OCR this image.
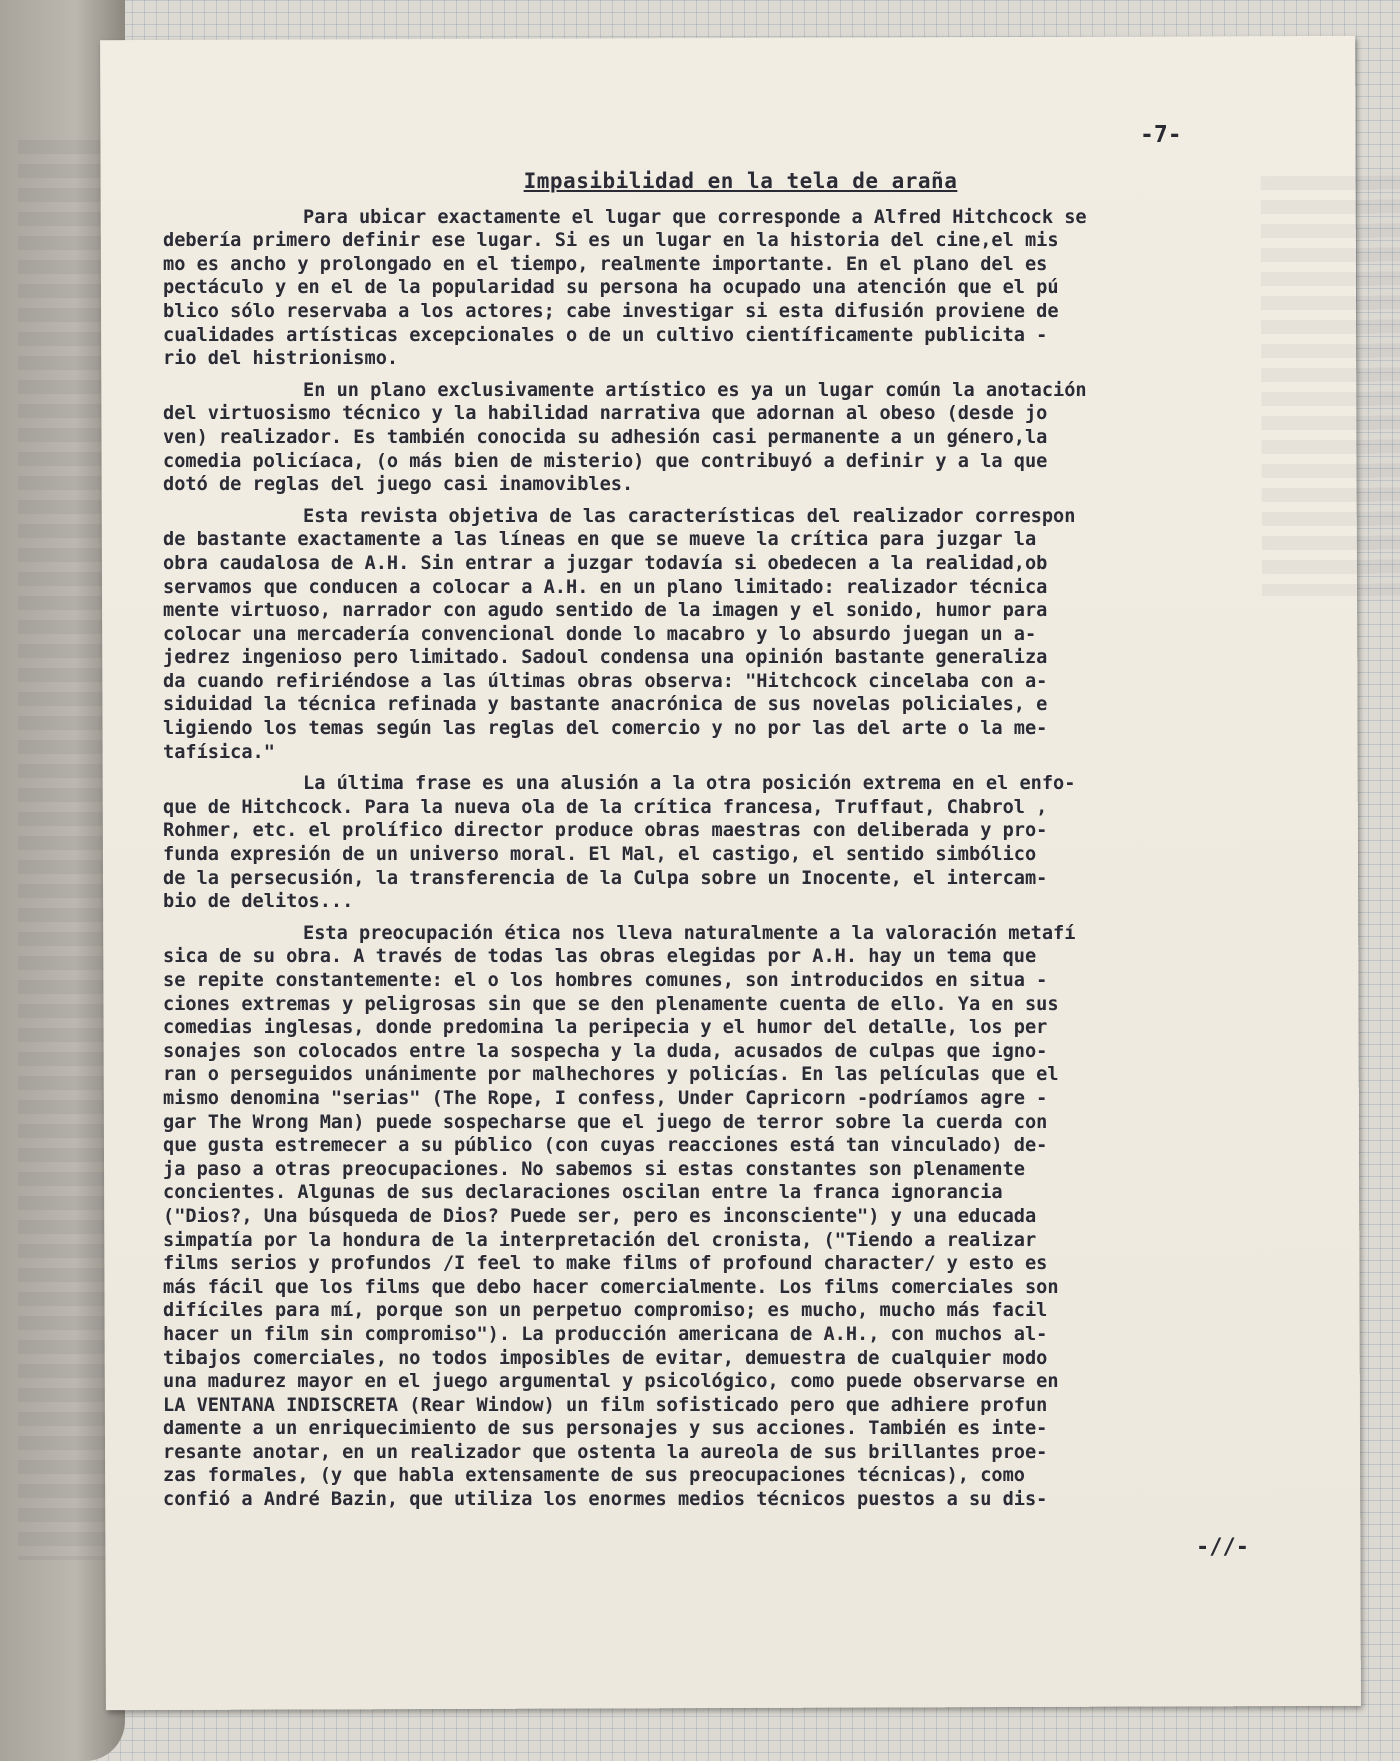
-7-
Impasibilidad en la tela de araña
Para ubicar exactamente el lugar que corresponde a Alfred Hitchcock se
debería primero definir ese lugar. Si es un lugar en la historia del cine,el mis
mo es ancho y prolongado en el tiempo, realmente importante. En el plano del es
pectáculo y en el de la popularidad su persona ha ocupado una atención que el pú
blico sólo reservaba a los actores; cabe investigar si esta difusión proviene de
cualidades artísticas excepcionales o de un cultivo científicamente publicita -
rio del histrionismo.
En un plano exclusivamente artístico es ya un lugar común la anotación
del virtuosismo técnico y la habilidad narrativa que adornan al obeso (desde jo
ven) realizador. Es también conocida su adhesión casi permanente a un género,la
comedia policíaca, (o más bien de misterio) que contribuyó a definir y a la que
dotó de reglas del juego casi inamovibles.
Esta revista objetiva de las características del realizador correspon
de bastante exactamente a las líneas en que se mueve la crítica para juzgar la
obra caudalosa de A.H. Sin entrar a juzgar todavía si obedecen a la realidad,ob
servamos que conducen a colocar a A.H. en un plano limitado: realizador técnica
mente virtuoso, narrador con agudo sentido de la imagen y el sonido, humor para
colocar una mercadería convencional donde lo macabro y lo absurdo juegan un a-
jedrez ingenioso pero limitado. Sadoul condensa una opinión bastante generaliza
da cuando refiriéndose a las últimas obras observa: "Hitchcock cincelaba con a-
siduidad la técnica refinada y bastante anacrónica de sus novelas policiales, e
ligiendo los temas según las reglas del comercio y no por las del arte o la me-
tafísica."
La última frase es una alusión a la otra posición extrema en el enfo-
que de Hitchcock. Para la nueva ola de la crítica francesa, Truffaut, Chabrol ,
Rohmer, etc. el prolífico director produce obras maestras con deliberada y pro-
funda expresión de un universo moral. El Mal, el castigo, el sentido simbólico
de la persecusión, la transferencia de la Culpa sobre un Inocente, el intercam-
bio de delitos...
Esta preocupación ética nos lleva naturalmente a la valoración metafí
sica de su obra. A través de todas las obras elegidas por A.H. hay un tema que
se repite constantemente: el o los hombres comunes, son introducidos en situa -
ciones extremas y peligrosas sin que se den plenamente cuenta de ello. Ya en sus
comedias inglesas, donde predomina la peripecia y el humor del detalle, los per
sonajes son colocados entre la sospecha y la duda, acusados de culpas que igno-
ran o perseguidos unánimente por malhechores y policías. En las películas que el
mismo denomina "serias" (The Rope, I confess, Under Capricorn -podríamos agre -
gar The Wrong Man) puede sospecharse que el juego de terror sobre la cuerda con
que gusta estremecer a su público (con cuyas reacciones está tan vinculado) de-
ja paso a otras preocupaciones. No sabemos si estas constantes son plenamente
concientes. Algunas de sus declaraciones oscilan entre la franca ignorancia
("Dios?, Una búsqueda de Dios? Puede ser, pero es inconsciente") y una educada
simpatía por la hondura de la interpretación del cronista, ("Tiendo a realizar
films serios y profundos /I feel to make films of profound character/ y esto es
más fácil que los films que debo hacer comercialmente. Los films comerciales son
difíciles para mí, porque son un perpetuo compromiso; es mucho, mucho más facil
hacer un film sin compromiso"). La producción americana de A.H., con muchos al-
tibajos comerciales, no todos imposibles de evitar, demuestra de cualquier modo
una madurez mayor en el juego argumental y psicológico, como puede observarse en
LA VENTANA INDISCRETA (Rear Window) un film sofisticado pero que adhiere profun
damente a un enriquecimiento de sus personajes y sus acciones. También es inte-
resante anotar, en un realizador que ostenta la aureola de sus brillantes proe-
zas formales, (y que habla extensamente de sus preocupaciones técnicas), como
confió a André Bazin, que utiliza los enormes medios técnicos puestos a su dis-
-//-
